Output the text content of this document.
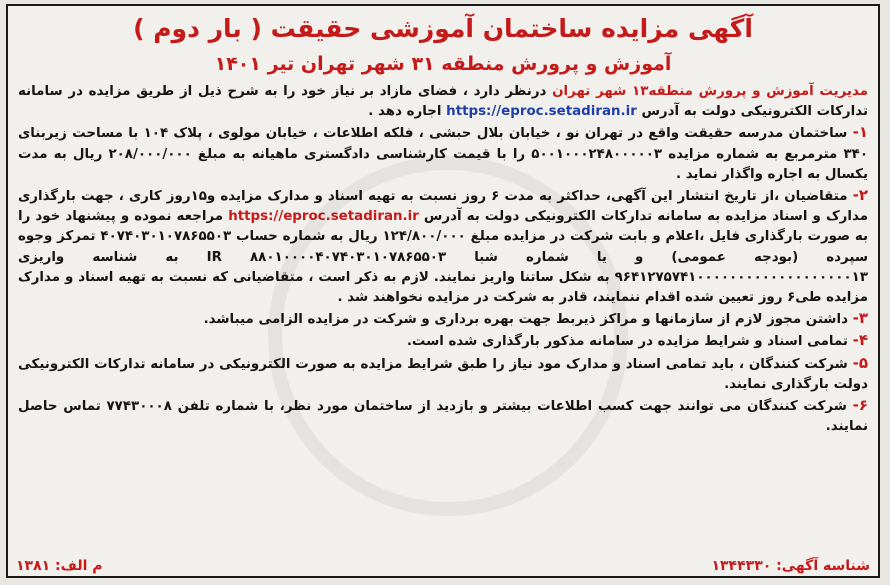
آگهی مزایده ساختمان آموزشی حقیقت ( بار دوم )
آموزش و پرورش منطقه ۳۱ شهر تهران تیر ۱۴۰۱
مدیریت آموزش و پرورش منطقه۱۳ شهر تهران درنظر دارد ، فضای مازاد بر نیاز خود را به شرح ذیل از طریق مزایده در سامانه تدارکات الکترونیکی دولت به آدرس https://eproc.setadiran.ir اجاره دهد .
۱- ساختمان مدرسه حقیقت واقع در تهران نو ، خیابان بلال حبشی ، فلکه اطلاعات ، خیابان مولوی ، پلاک ۱۰۴ با مساحت زیربنای ۳۴۰ مترمربع به شماره مزایده ۵۰۰۱۰۰۰۲۴۸۰۰۰۰۰۳ را با قیمت کارشناسی دادگستری ماهیانه به مبلغ ۲۰۸/۰۰۰/۰۰۰ ریال به مدت یکسال به اجاره واگذار نماید .
۲- متقاضیان ،از تاریخ انتشار این آگهی، حداکثر به مدت ۶ روز نسبت به تهیه اسناد و مدارک مزایده و۱۵روز کاری ، جهت بارگذاری مدارک و اسناد مزایده به سامانه تدارکات الکترونیکی دولت به آدرس https://eproc.setadiran.ir مراجعه نموده و پیشنهاد خود را به صورت بارگذاری فایل ،اعلام و بابت شرکت در مزایده مبلغ ۱۲۴/۸۰۰/۰۰۰ ریال به شماره حساب ۴۰۷۴۰۳۰۱۰۷۸۶۵۵۰۳ تمرکز وجوه سپرده (بودجه عمومی) و یا شماره شبا IR ۸۸۰۱۰۰۰۰۴۰۷۴۰۳۰۱۰۷۸۶۵۵۰۳ به شناسه واریزی ۹۶۴۱۲۷۵۷۴۱۰۰۰۰۰۰۰۰۰۰۰۰۰۰۰۰۰۰۰۱۳ به شکل ساتنا واریز نمایند. لازم به ذکر است ، متقاضیانی که نسبت به تهیه اسناد و مدارک مزایده طی۶ روز تعیین شده اقدام ننمایند، قادر به شرکت در مزایده نخواهند شد .
۳- داشتن مجوز لازم از سازمانها و مراکز ذیربط جهت بهره برداری و شرکت در مزایده الزامی میباشد.
۴- تمامی اسناد و شرایط مزایده در سامانه مذکور بارگذاری شده است.
۵- شرکت کنندگان ، باید تمامی اسناد و مدارک مود نیاز را طبق شرایط مزایده به صورت الکترونیکی در سامانه تدارکات الکترونیکی دولت بارگذاری نمایند.
۶- شرکت کنندگان می توانند جهت کسب اطلاعات بیشتر و بازدید از ساختمان مورد نظر، با شماره تلفن ۷۷۴۳۰۰۰۸ تماس حاصل نمایند.
شناسه آگهی: ۱۳۴۴۳۳۰
م الف: ۱۳۸۱
